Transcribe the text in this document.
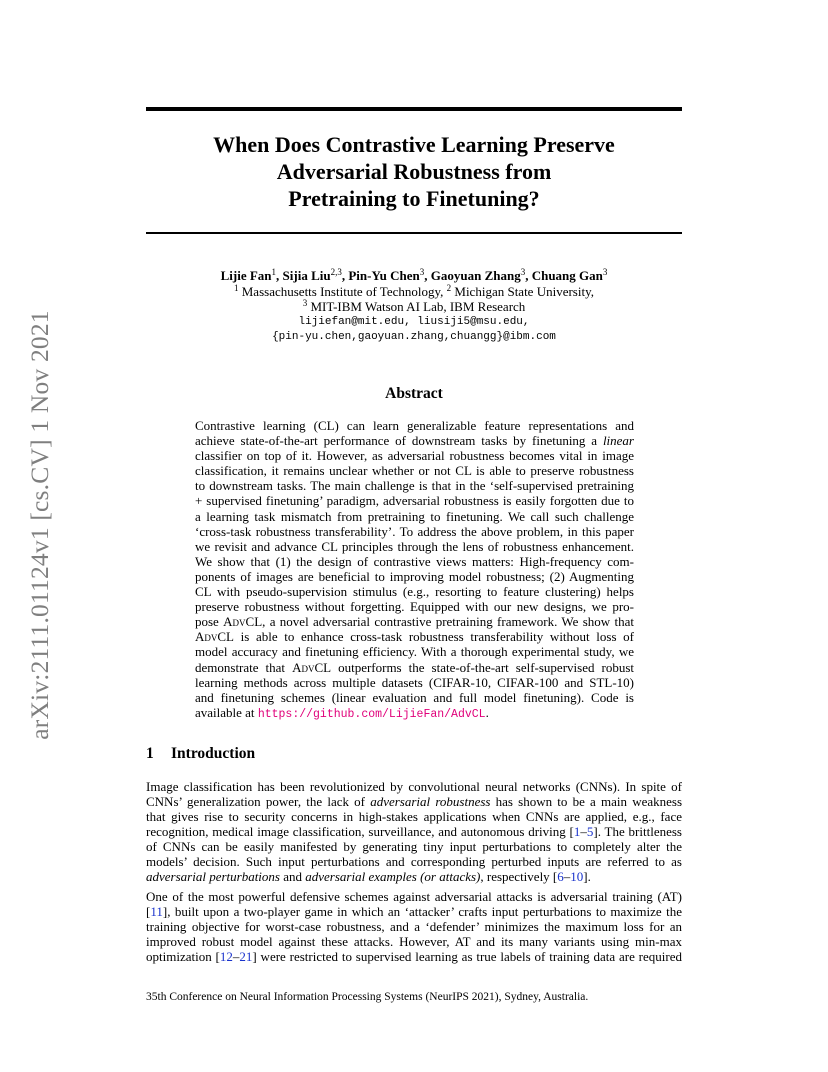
When Does Contrastive Learning Preserve
Adversarial Robustness from
Pretraining to Finetuning?
arXiv:2111.01124v1 [cs.CV] 1 Nov 2021
Lijie Fan$^1$, Sijia Liu$^{2,3}$, Pin-Yu Chen$^3$, Gaoyuan Zhang$^3$, Chuang Gan$^3$
$^1$ Massachusetts Institute of Technology, $^2$ Michigan State University,
$^3$ MIT-IBM Watson AI Lab, IBM Research
lijiefan@mit.edu, liusiji5@msu.edu,
{pin-yu.chen,gaoyuan.zhang,chuangg}@ibm.com
Abstract
Contrastive learning (CL) can learn generalizable feature representations and
achieve state-of-the-art performance of downstream tasks by finetuning a linear
classifier on top of it. However, as adversarial robustness becomes vital in image
classification, it remains unclear whether or not CL is able to preserve robustness
to downstream tasks. The main challenge is that in the ‘self-supervised pretraining
+ supervised finetuning’ paradigm, adversarial robustness is easily forgotten due to
a learning task mismatch from pretraining to finetuning. We call such challenge
‘cross-task robustness transferability’. To address the above problem, in this paper
we revisit and advance CL principles through the lens of robustness enhancement.
We show that (1) the design of contrastive views matters: High-frequency com-
ponents of images are beneficial to improving model robustness; (2) Augmenting
CL with pseudo-supervision stimulus (e.g., resorting to feature clustering) helps
preserve robustness without forgetting. Equipped with our new designs, we pro-
pose AdvCL, a novel adversarial contrastive pretraining framework. We show that
AdvCL is able to enhance cross-task robustness transferability without loss of
model accuracy and finetuning efficiency. With a thorough experimental study, we
demonstrate that AdvCL outperforms the state-of-the-art self-supervised robust
learning methods across multiple datasets (CIFAR-10, CIFAR-100 and STL-10)
and finetuning schemes (linear evaluation and full model finetuning). Code is
available at https://github.com/LijieFan/AdvCL.
1 Introduction
Image classification has been revolutionized by convolutional neural networks (CNNs). In spite of
CNNs’ generalization power, the lack of adversarial robustness has shown to be a main weakness
that gives rise to security concerns in high-stakes applications when CNNs are applied, e.g., face
recognition, medical image classification, surveillance, and autonomous driving [1–5]. The brittleness
of CNNs can be easily manifested by generating tiny input perturbations to completely alter the
models’ decision. Such input perturbations and corresponding perturbed inputs are referred to as
adversarial perturbations and adversarial examples (or attacks), respectively [6–10].
One of the most powerful defensive schemes against adversarial attacks is adversarial training (AT)
[11], built upon a two-player game in which an ‘attacker’ crafts input perturbations to maximize the
training objective for worst-case robustness, and a ‘defender’ minimizes the maximum loss for an
improved robust model against these attacks. However, AT and its many variants using min-max
optimization [12–21] were restricted to supervised learning as true labels of training data are required
35th Conference on Neural Information Processing Systems (NeurIPS 2021), Sydney, Australia.
